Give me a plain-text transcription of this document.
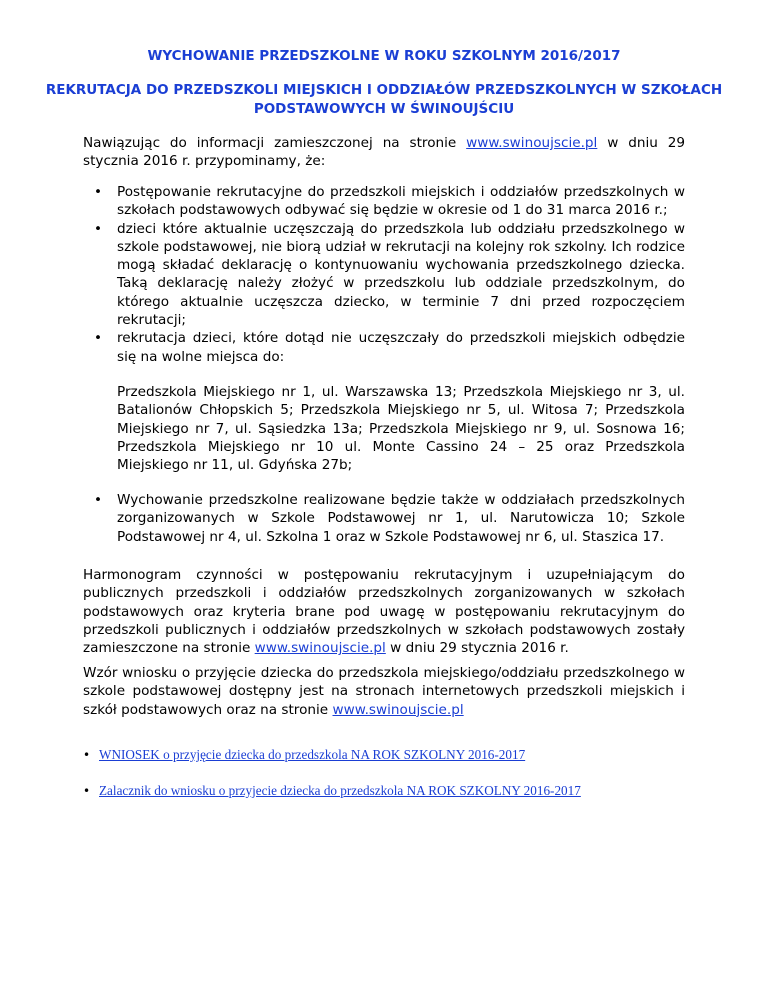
WYCHOWANIE PRZEDSZKOLNE W ROKU SZKOLNYM 2016/2017

REKRUTACJA DO PRZEDSZKOLI MIEJSKICH I ODDZIAŁÓW PRZEDSZKOLNYCH W SZKOŁACH PODSTAWOWYCH W ŚWINOUJŚCIU

Nawiązując do informacji zamieszczonej na stronie www.swinoujscie.pl w dniu 29 stycznia 2016 r. przypominamy, że:

• Postępowanie rekrutacyjne do przedszkoli miejskich i oddziałów przedszkolnych w szkołach podstawowych odbywać się będzie w okresie od 1 do 31 marca 2016 r.;
• dzieci które aktualnie uczęszczają do przedszkola lub oddziału przedszkolnego w szkole podstawowej, nie biorą udział w rekrutacji na kolejny rok szkolny. Ich rodzice mogą składać deklarację o kontynuowaniu wychowania przedszkolnego dziecka. Taką deklarację należy złożyć w przedszkolu lub oddziale przedszkolnym, do którego aktualnie uczęszcza dziecko, w terminie 7 dni przed rozpoczęciem rekrutacji;
• rekrutacja dzieci, które dotąd nie uczęszczały do przedszkoli miejskich odbędzie się na wolne miejsca do:

Przedszkola Miejskiego nr 1, ul. Warszawska 13; Przedszkola Miejskiego nr 3, ul. Batalionów Chłopskich 5; Przedszkola Miejskiego nr 5, ul. Witosa 7; Przedszkola Miejskiego nr 7, ul. Sąsiedzka 13a; Przedszkola Miejskiego nr 9, ul. Sosnowa 16; Przedszkola Miejskiego nr 10 ul. Monte Cassino 24 – 25 oraz Przedszkola Miejskiego nr 11, ul. Gdyńska 27b;

• Wychowanie przedszkolne realizowane będzie także w oddziałach przedszkolnych zorganizowanych w Szkole Podstawowej nr 1, ul. Narutowicza 10; Szkole Podstawowej nr 4, ul. Szkolna 1 oraz w Szkole Podstawowej nr 6, ul. Staszica 17.

Harmonogram czynności w postępowaniu rekrutacyjnym i uzupełniającym do publicznych przedszkoli i oddziałów przedszkolnych zorganizowanych w szkołach podstawowych oraz kryteria brane pod uwagę w postępowaniu rekrutacyjnym do przedszkoli publicznych i oddziałów przedszkolnych w szkołach podstawowych zostały zamieszczone na stronie www.swinoujscie.pl w dniu 29 stycznia 2016 r.

Wzór wniosku o przyjęcie dziecka do przedszkola miejskiego/oddziału przedszkolnego w szkole podstawowej dostępny jest na stronach internetowych przedszkoli miejskich i szkół podstawowych oraz na stronie www.swinoujscie.pl

• WNIOSEK o przyjęcie dziecka do przedszkola NA ROK SZKOLNY 2016-2017
• Zalacznik do wniosku o przyjecie dziecka do przedszkola NA ROK SZKOLNY 2016-2017
